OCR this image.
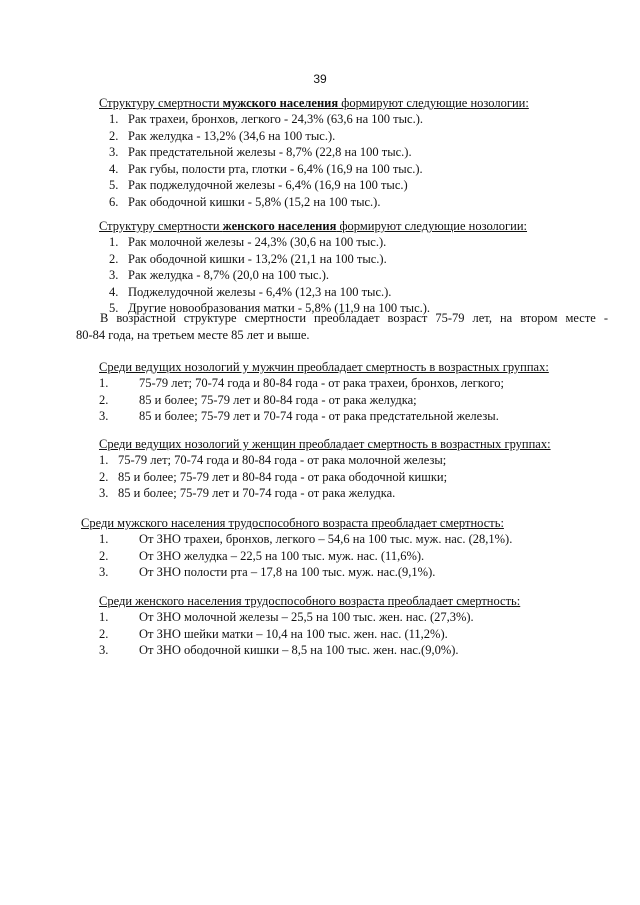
39
Структуру смертности мужского населения формируют следующие нозологии:
1. Рак трахеи, бронхов, легкого - 24,3% (63,6 на 100 тыс.).
2. Рак желудка - 13,2% (34,6 на 100 тыс.).
3. Рак предстательной железы - 8,7% (22,8 на 100 тыс.).
4. Рак губы, полости рта, глотки - 6,4% (16,9 на 100 тыс.).
5. Рак поджелудочной железы - 6,4% (16,9 на 100 тыс.)
6. Рак ободочной кишки - 5,8% (15,2 на 100 тыс.).
Структуру смертности женского населения формируют следующие нозологии:
1. Рак молочной железы - 24,3% (30,6 на 100 тыс.).
2. Рак ободочной кишки - 13,2% (21,1 на 100 тыс.).
3. Рак желудка - 8,7% (20,0 на 100 тыс.).
4. Поджелудочной железы - 6,4% (12,3 на 100 тыс.).
5. Другие новообразования матки - 5,8% (11,9 на 100 тыс.).
В возрастной структуре смертности преобладает возраст 75-79 лет, на втором месте -
80-84 года, на третьем месте 85 лет и выше.
Среди ведущих нозологий у мужчин преобладает смертность в возрастных группах:
1.	75-79 лет; 70-74 года и 80-84 года - от рака трахеи, бронхов, легкого;
2.	85 и более; 75-79 лет и 80-84 года - от рака желудка;
3.	85 и более; 75-79 лет и 70-74 года - от рака предстательной железы.
Среди ведущих нозологий у женщин преобладает смертность в возрастных группах:
1. 75-79 лет; 70-74 года и 80-84 года - от рака молочной железы;
2. 85 и более; 75-79 лет и 80-84 года - от рака ободочной кишки;
3. 85 и более; 75-79 лет и 70-74 года - от рака желудка.
Среди мужского населения трудоспособного возраста преобладает смертность:
1.	От ЗНО трахеи, бронхов, легкого – 54,6 на 100 тыс. муж. нас. (28,1%).
2.	От ЗНО желудка – 22,5 на 100 тыс. муж. нас. (11,6%).
3.	От ЗНО полости рта – 17,8 на 100 тыс. муж. нас.(9,1%).
Среди женского населения трудоспособного возраста преобладает смертность:
1.	От ЗНО молочной железы – 25,5 на 100 тыс. жен. нас. (27,3%).
2.	От ЗНО шейки матки – 10,4 на 100 тыс. жен. нас. (11,2%).
3.	От ЗНО ободочной кишки – 8,5 на 100 тыс. жен. нас.(9,0%).
